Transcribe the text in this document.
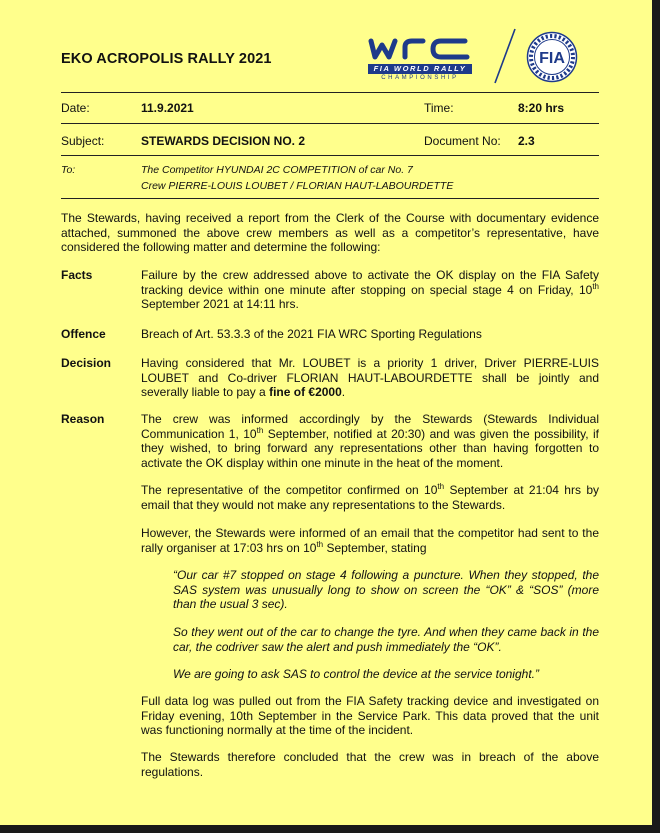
EKO ACROPOLIS RALLY 2021
FIA WORLD RALLY
CHAMPIONSHIP
FIA
Date:	11.9.2021	Time:	8:20 hrs
Subject:	STEWARDS DECISION NO. 2	Document No: 2.3
To:	The Competitor HYUNDAI 2C COMPETITION of car No. 7
Crew PIERRE-LOUIS LOUBET / FLORIAN HAUT-LABOURDETTE
The Stewards, having received a report from the Clerk of the Course with documentary evidence attached, summoned the above crew members as well as a competitor’s representative, have considered the following matter and determine the following:
Facts	Failure by the crew addressed above to activate the OK display on the FIA Safety tracking device within one minute after stopping on special stage 4 on Friday, 10th September 2021 at 14:11 hrs.
Offence	Breach of Art. 53.3.3 of the 2021 FIA WRC Sporting Regulations
Decision Having considered that Mr. LOUBET is a priority 1 driver, Driver PIERRE-LUIS LOUBET and Co-driver FLORIAN HAUT-LABOURDETTE shall be jointly and severally liable to pay a fine of €2000.
Reason	The crew was informed accordingly by the Stewards (Stewards Individual Communication 1, 10th September, notified at 20:30) and was given the possibility, if they wished, to bring forward any representations other than having forgotten to activate the OK display within one minute in the heat of the moment.
The representative of the competitor confirmed on 10th September at 21:04 hrs by email that they would not make any representations to the Stewards.
However, the Stewards were informed of an email that the competitor had sent to the rally organiser at 17:03 hrs on 10th September, stating
“Our car #7 stopped on stage 4 following a puncture. When they stopped, the SAS system was unusually long to show on screen the “OK” & “SOS” (more than the usual 3 sec).
So they went out of the car to change the tyre. And when they came back in the car, the codriver saw the alert and push immediately the “OK”.
We are going to ask SAS to control the device at the service tonight.”
Full data log was pulled out from the FIA Safety tracking device and investigated on Friday evening, 10th September in the Service Park. This data proved that the unit was functioning normally at the time of the incident.
The Stewards therefore concluded that the crew was in breach of the above regulations.
